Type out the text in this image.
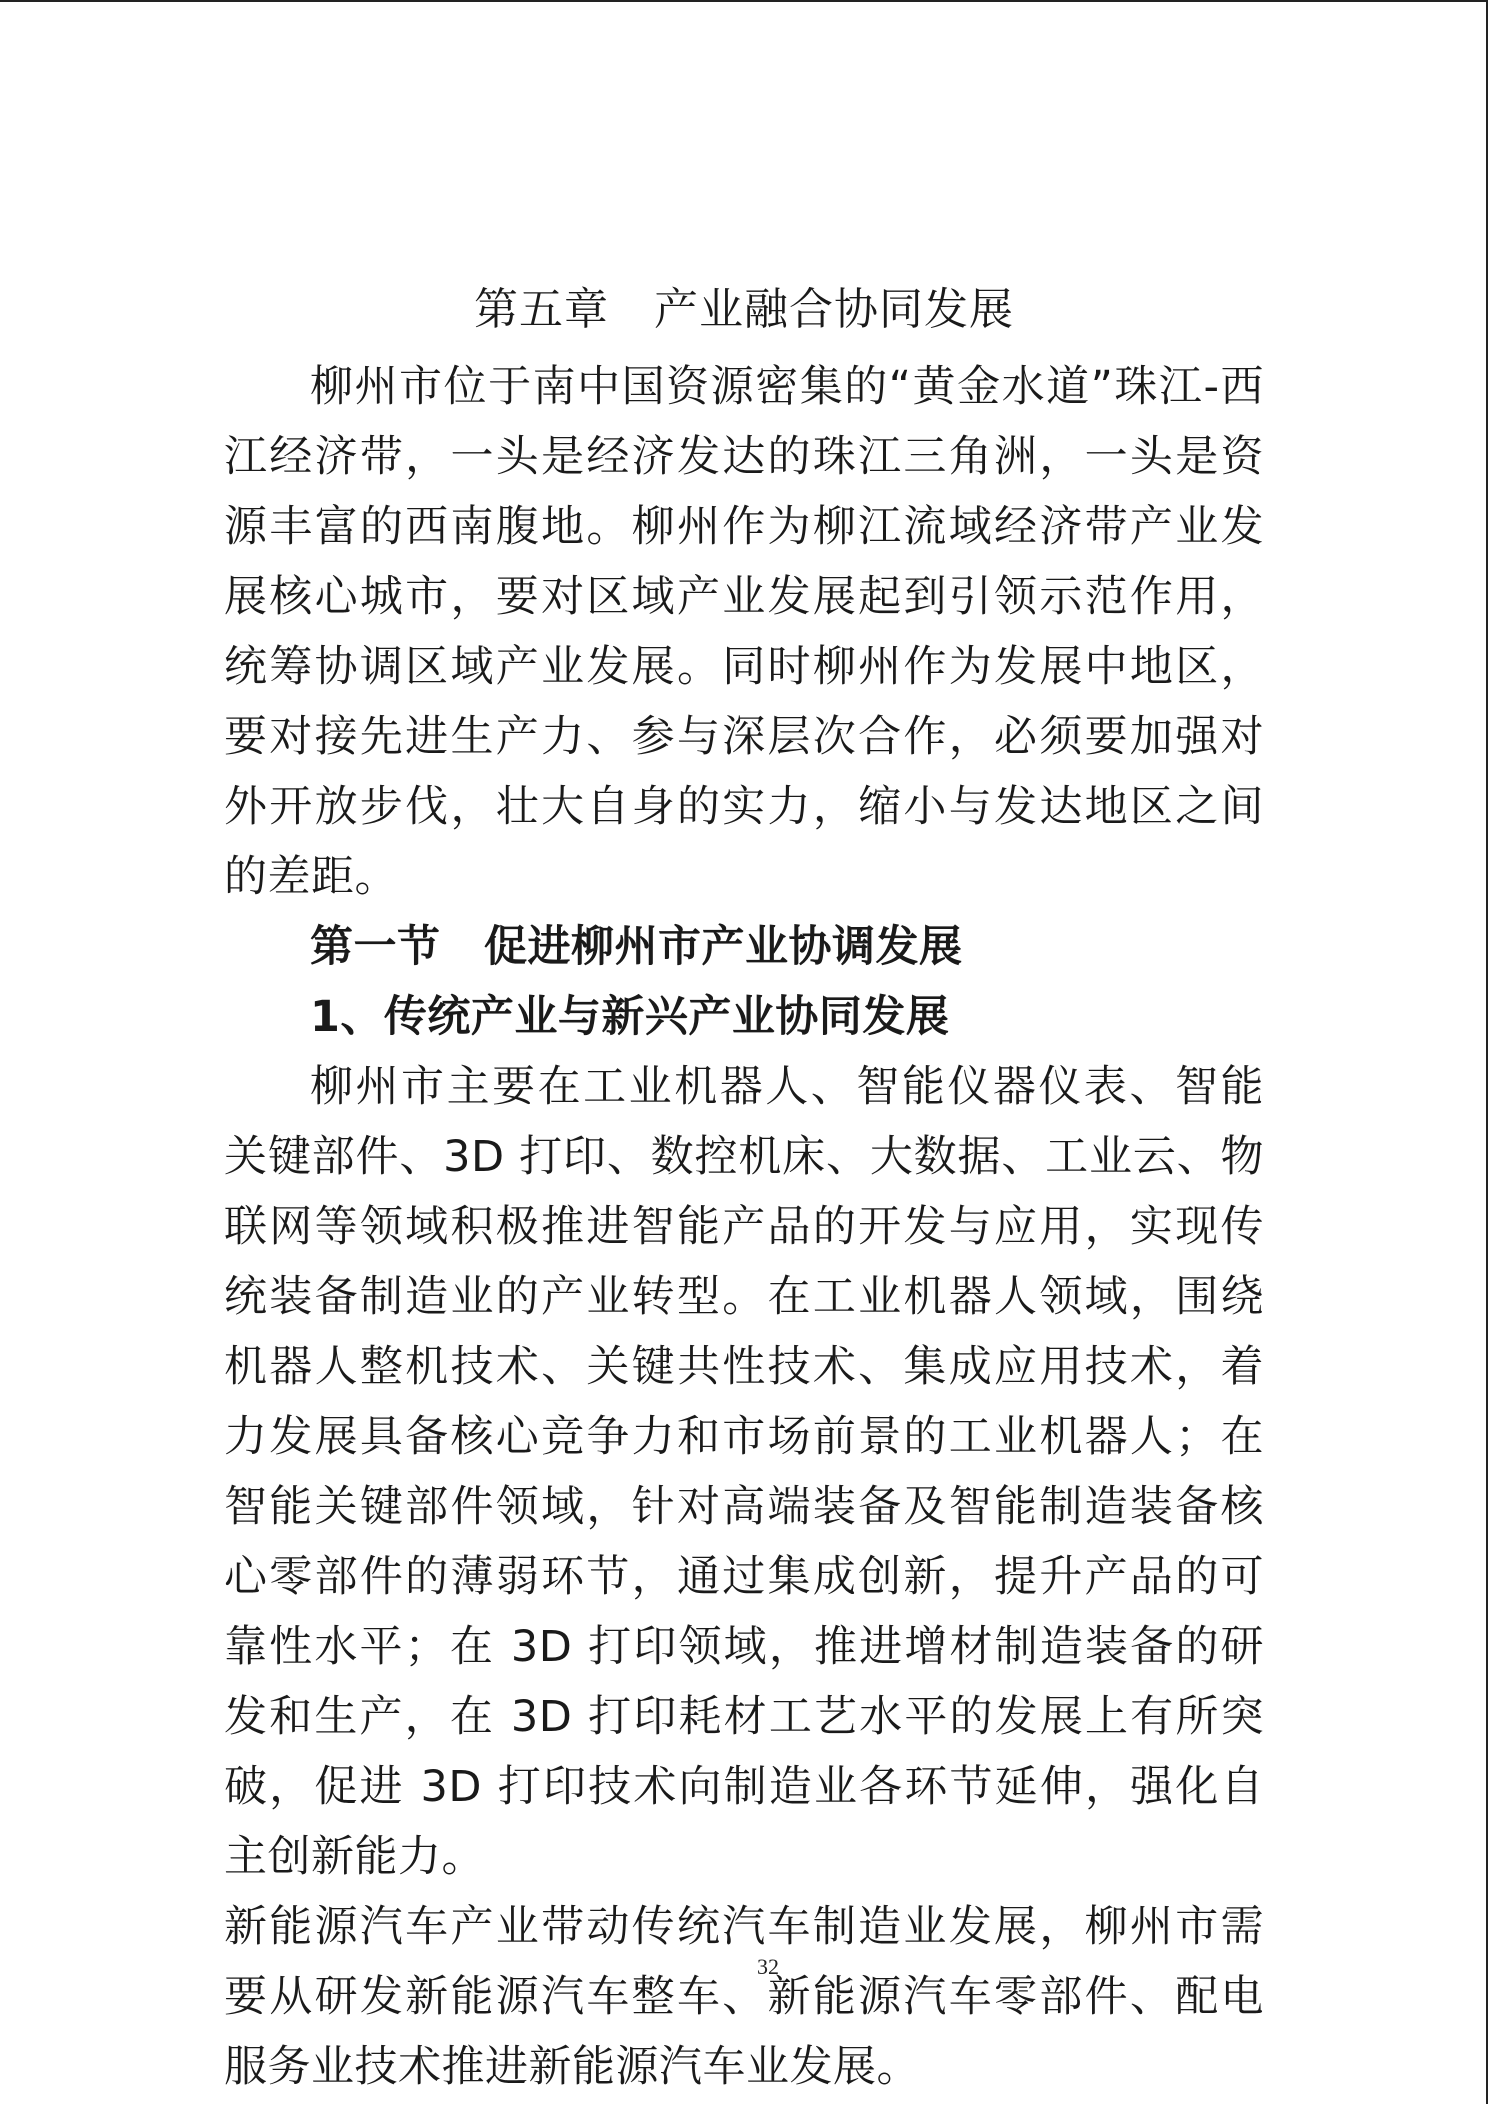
第五章　产业融合协同发展

柳州市位于南中国资源密集的“黄金水道”珠江-西江经济带，一头是经济发达的珠江三角洲，一头是资源丰富的西南腹地。柳州作为柳江流域经济带产业发展核心城市，要对区域产业发展起到引领示范作用，统筹协调区域产业发展。同时柳州作为发展中地区，要对接先进生产力、参与深层次合作，必须要加强对外开放步伐，壮大自身的实力，缩小与发达地区之间的差距。

第一节　促进柳州市产业协调发展

1、传统产业与新兴产业协同发展

柳州市主要在工业机器人、智能仪器仪表、智能关键部件、3D 打印、数控机床、大数据、工业云、物联网等领域积极推进智能产品的开发与应用，实现传统装备制造业的产业转型。在工业机器人领域，围绕机器人整机技术、关键共性技术、集成应用技术，着力发展具备核心竞争力和市场前景的工业机器人；在智能关键部件领域，针对高端装备及智能制造装备核心零部件的薄弱环节，通过集成创新，提升产品的可靠性水平；在 3D 打印领域，推进增材制造装备的研发和生产，在 3D 打印耗材工艺水平的发展上有所突破，促进 3D 打印技术向制造业各环节延伸，强化自主创新能力。

新能源汽车产业带动传统汽车制造业发展，柳州市需要从研发新能源汽车整车、新能源汽车零部件、配电服务业技术推进新能源汽车业发展。

32
